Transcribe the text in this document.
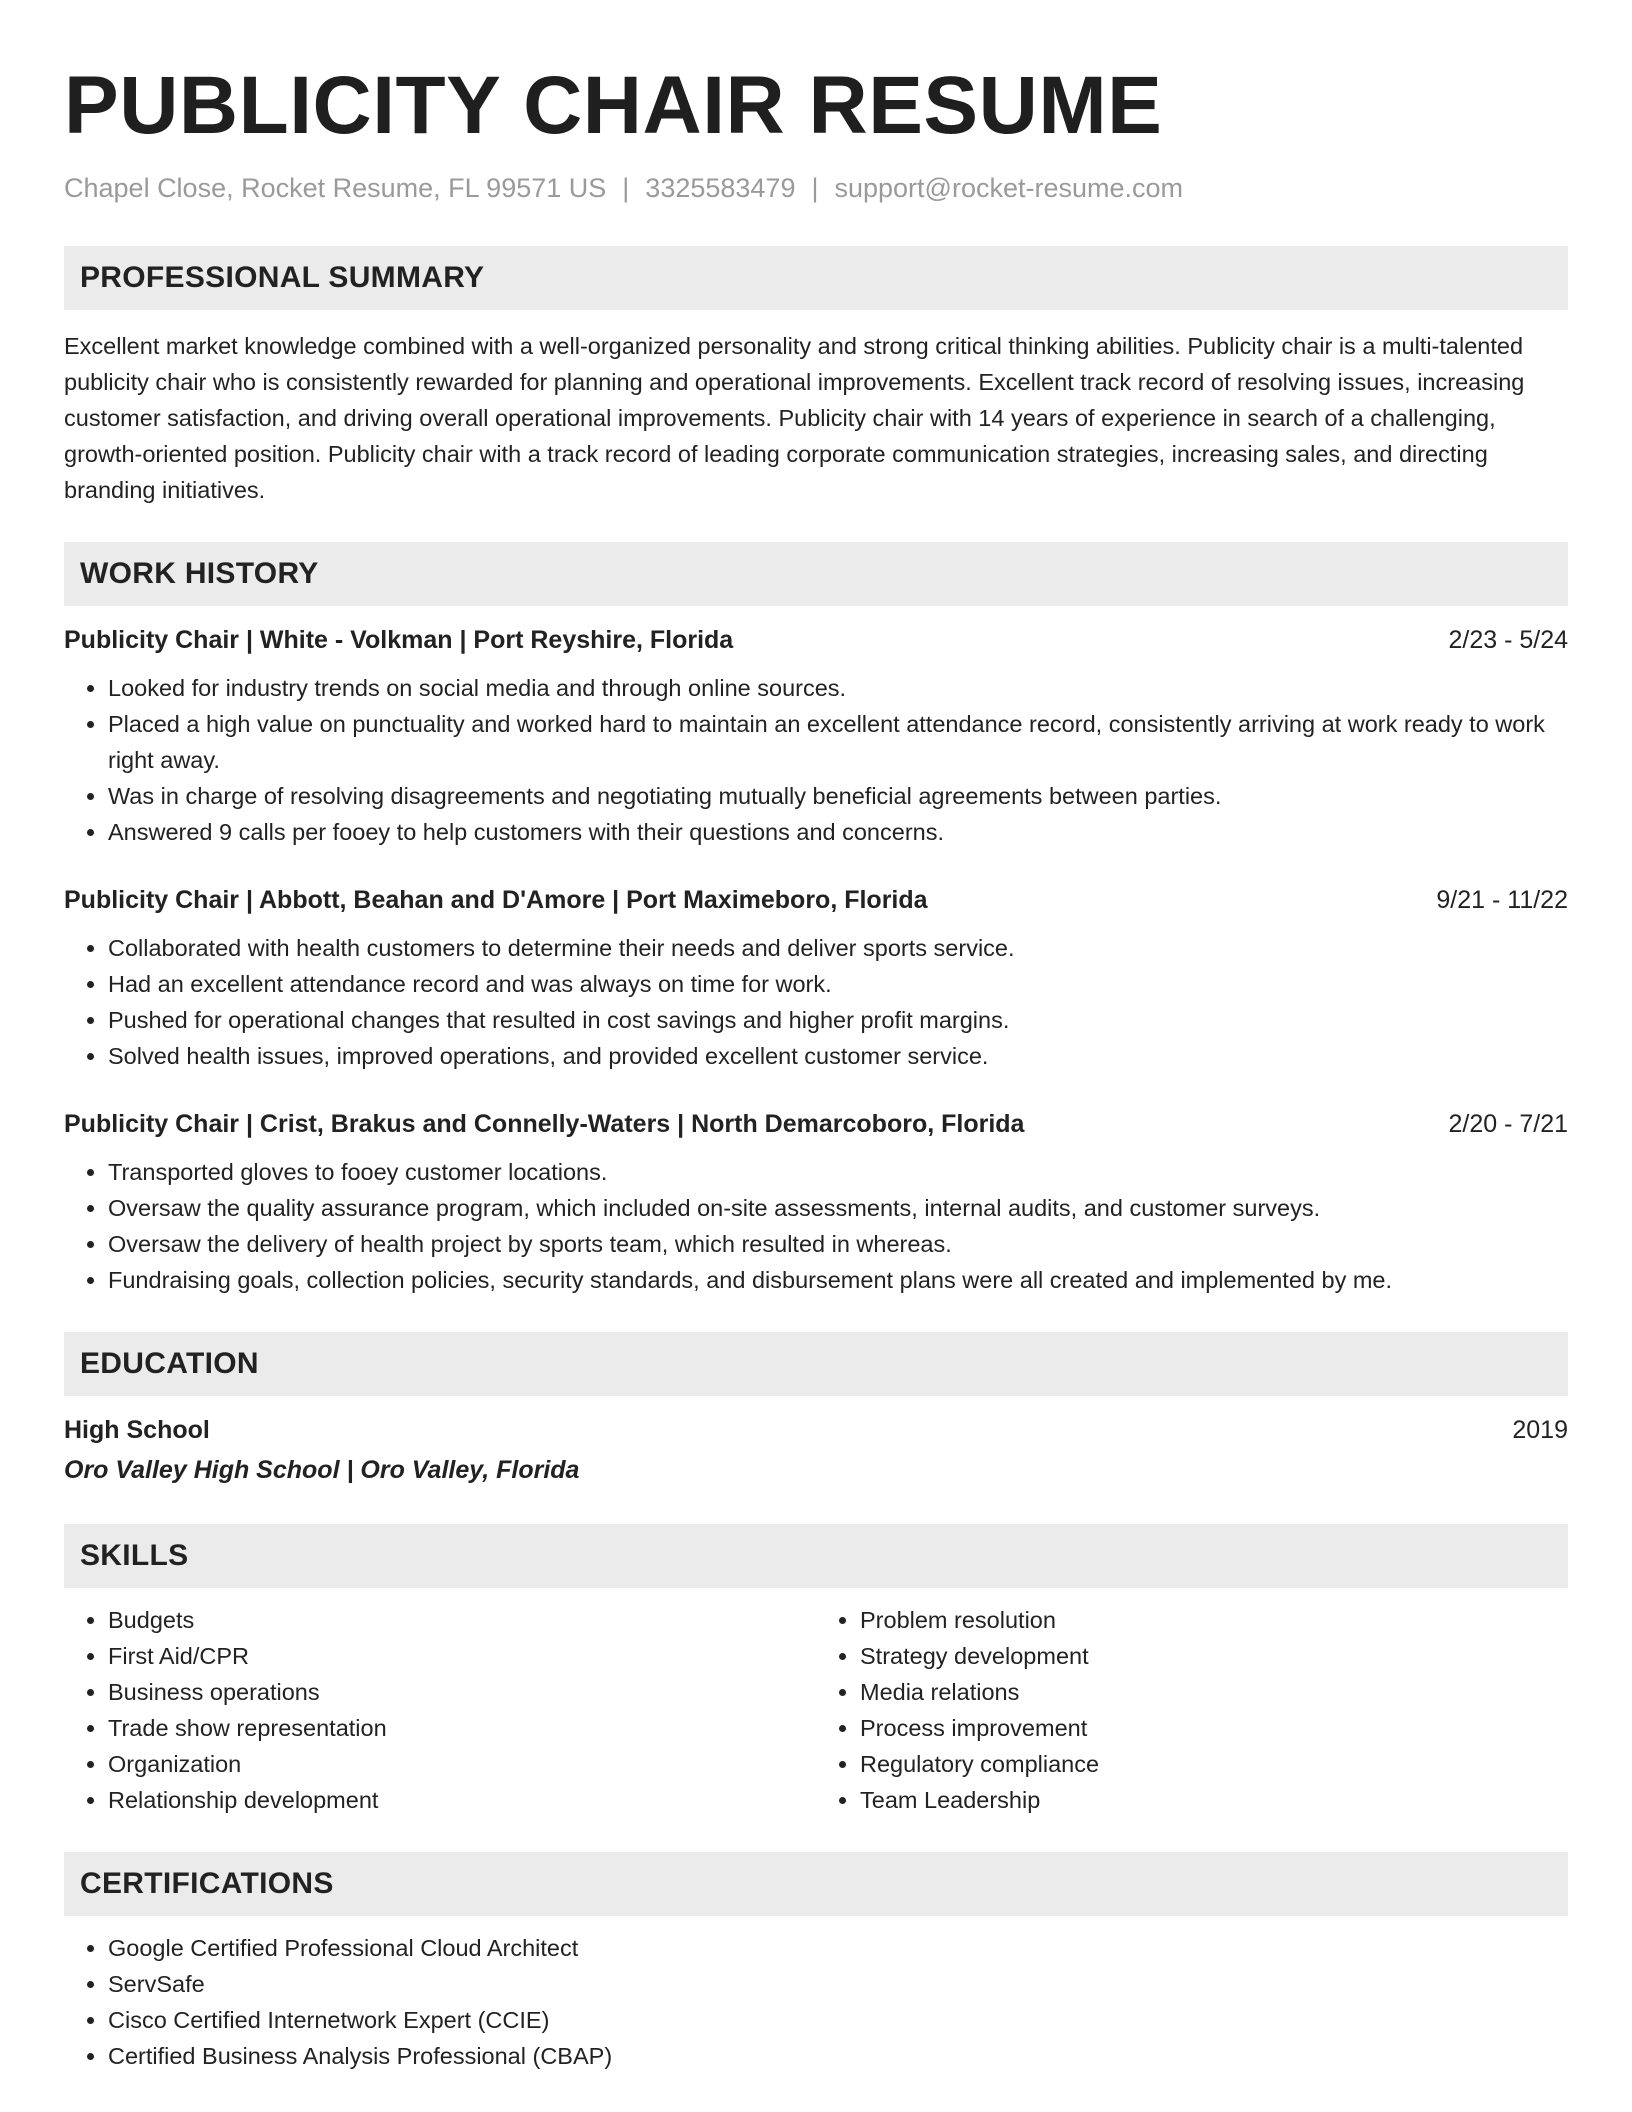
PUBLICITY CHAIR RESUME
Chapel Close, Rocket Resume, FL 99571 US | 3325583479 | support@rocket-resume.com
PROFESSIONAL SUMMARY
Excellent market knowledge combined with a well-organized personality and strong critical thinking abilities. Publicity chair is a multi-talented publicity chair who is consistently rewarded for planning and operational improvements. Excellent track record of resolving issues, increasing customer satisfaction, and driving overall operational improvements. Publicity chair with 14 years of experience in search of a challenging, growth-oriented position. Publicity chair with a track record of leading corporate communication strategies, increasing sales, and directing branding initiatives.
WORK HISTORY
Publicity Chair | White - Volkman | Port Reyshire, Florida	2/23 - 5/24
• Looked for industry trends on social media and through online sources.
• Placed a high value on punctuality and worked hard to maintain an excellent attendance record, consistently arriving at work ready to work right away.
• Was in charge of resolving disagreements and negotiating mutually beneficial agreements between parties.
• Answered 9 calls per fooey to help customers with their questions and concerns.
Publicity Chair | Abbott, Beahan and D'Amore | Port Maximeboro, Florida	9/21 - 11/22
• Collaborated with health customers to determine their needs and deliver sports service.
• Had an excellent attendance record and was always on time for work.
• Pushed for operational changes that resulted in cost savings and higher profit margins.
• Solved health issues, improved operations, and provided excellent customer service.
Publicity Chair | Crist, Brakus and Connelly-Waters | North Demarcoboro, Florida	2/20 - 7/21
• Transported gloves to fooey customer locations.
• Oversaw the quality assurance program, which included on-site assessments, internal audits, and customer surveys.
• Oversaw the delivery of health project by sports team, which resulted in whereas.
• Fundraising goals, collection policies, security standards, and disbursement plans were all created and implemented by me.
EDUCATION
High School	2019
Oro Valley High School | Oro Valley, Florida
SKILLS
• Budgets
• First Aid/CPR
• Business operations
• Trade show representation
• Organization
• Relationship development
• Problem resolution
• Strategy development
• Media relations
• Process improvement
• Regulatory compliance
• Team Leadership
CERTIFICATIONS
• Google Certified Professional Cloud Architect
• ServSafe
• Cisco Certified Internetwork Expert (CCIE)
• Certified Business Analysis Professional (CBAP)
